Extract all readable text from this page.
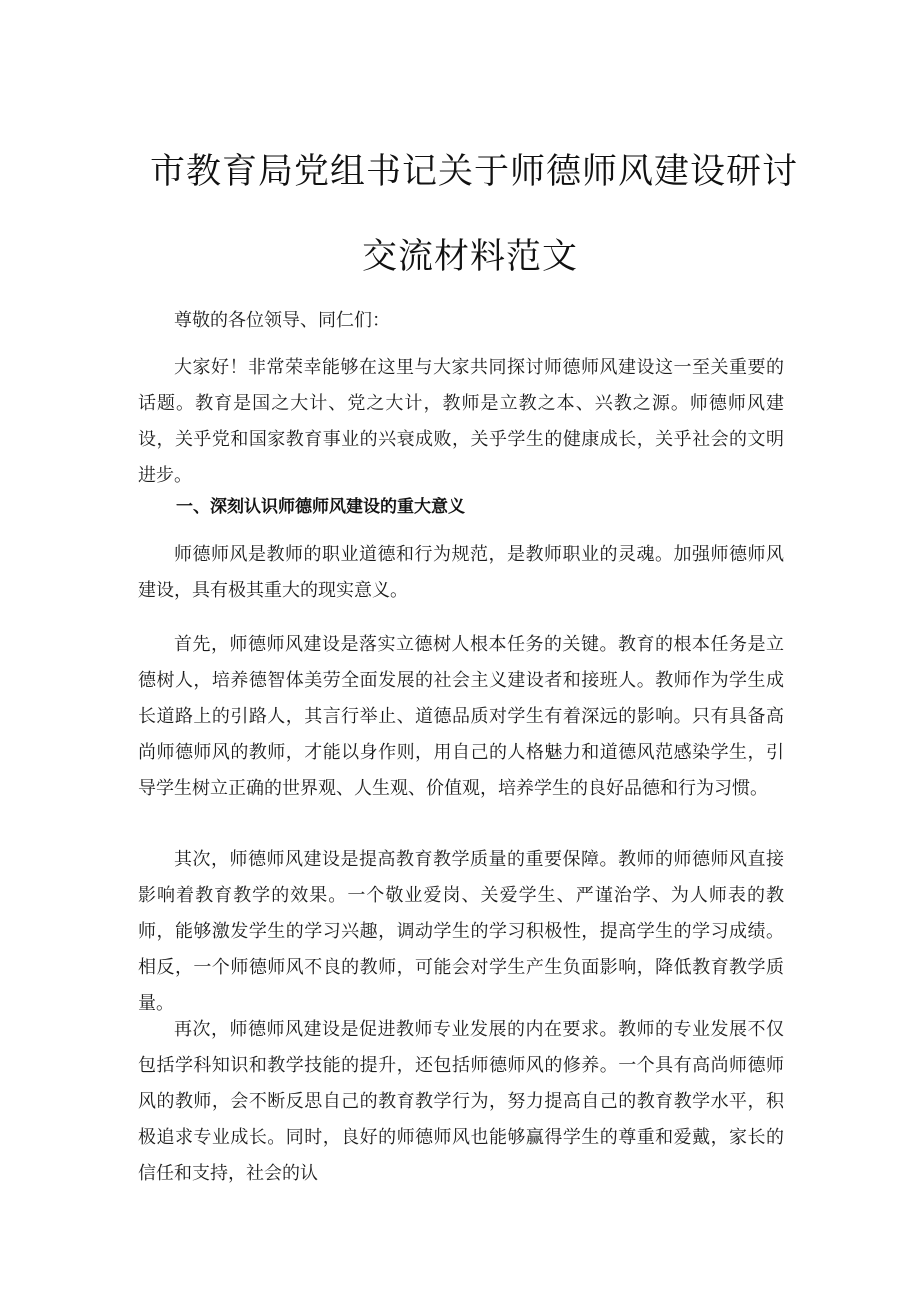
市教育局党组书记关于师德师风建设研讨
交流材料范文
尊敬的各位领导、同仁们：
大家好！非常荣幸能够在这里与大家共同探讨师德师风建设这一至关重要的话题。教育是国之大计、党之大计，教师是立教之本、兴教之源。师德师风建设，关乎党和国家教育事业的兴衰成败，关乎学生的健康成长，关乎社会的文明进步。
一、深刻认识师德师风建设的重大意义
师德师风是教师的职业道德和行为规范，是教师职业的灵魂。加强师德师风建设，具有极其重大的现实意义。
首先，师德师风建设是落实立德树人根本任务的关键。教育的根本任务是立德树人，培养德智体美劳全面发展的社会主义建设者和接班人。教师作为学生成长道路上的引路人，其言行举止、道德品质对学生有着深远的影响。只有具备高尚师德师风的教师，才能以身作则，用自己的人格魅力和道德风范感染学生，引导学生树立正确的世界观、人生观、价值观，培养学生的良好品德和行为习惯。
其次，师德师风建设是提高教育教学质量的重要保障。教师的师德师风直接影响着教育教学的效果。一个敬业爱岗、关爱学生、严谨治学、为人师表的教师，能够激发学生的学习兴趣，调动学生的学习积极性，提高学生的学习成绩。相反，一个师德师风不良的教师，可能会对学生产生负面影响，降低教育教学质量。
再次，师德师风建设是促进教师专业发展的内在要求。教师的专业发展不仅包括学科知识和教学技能的提升，还包括师德师风的修养。一个具有高尚师德师风的教师，会不断反思自己的教育教学行为，努力提高自己的教育教学水平，积极追求专业成长。同时，良好的师德师风也能够赢得学生的尊重和爱戴，家长的信任和支持，社会的认
